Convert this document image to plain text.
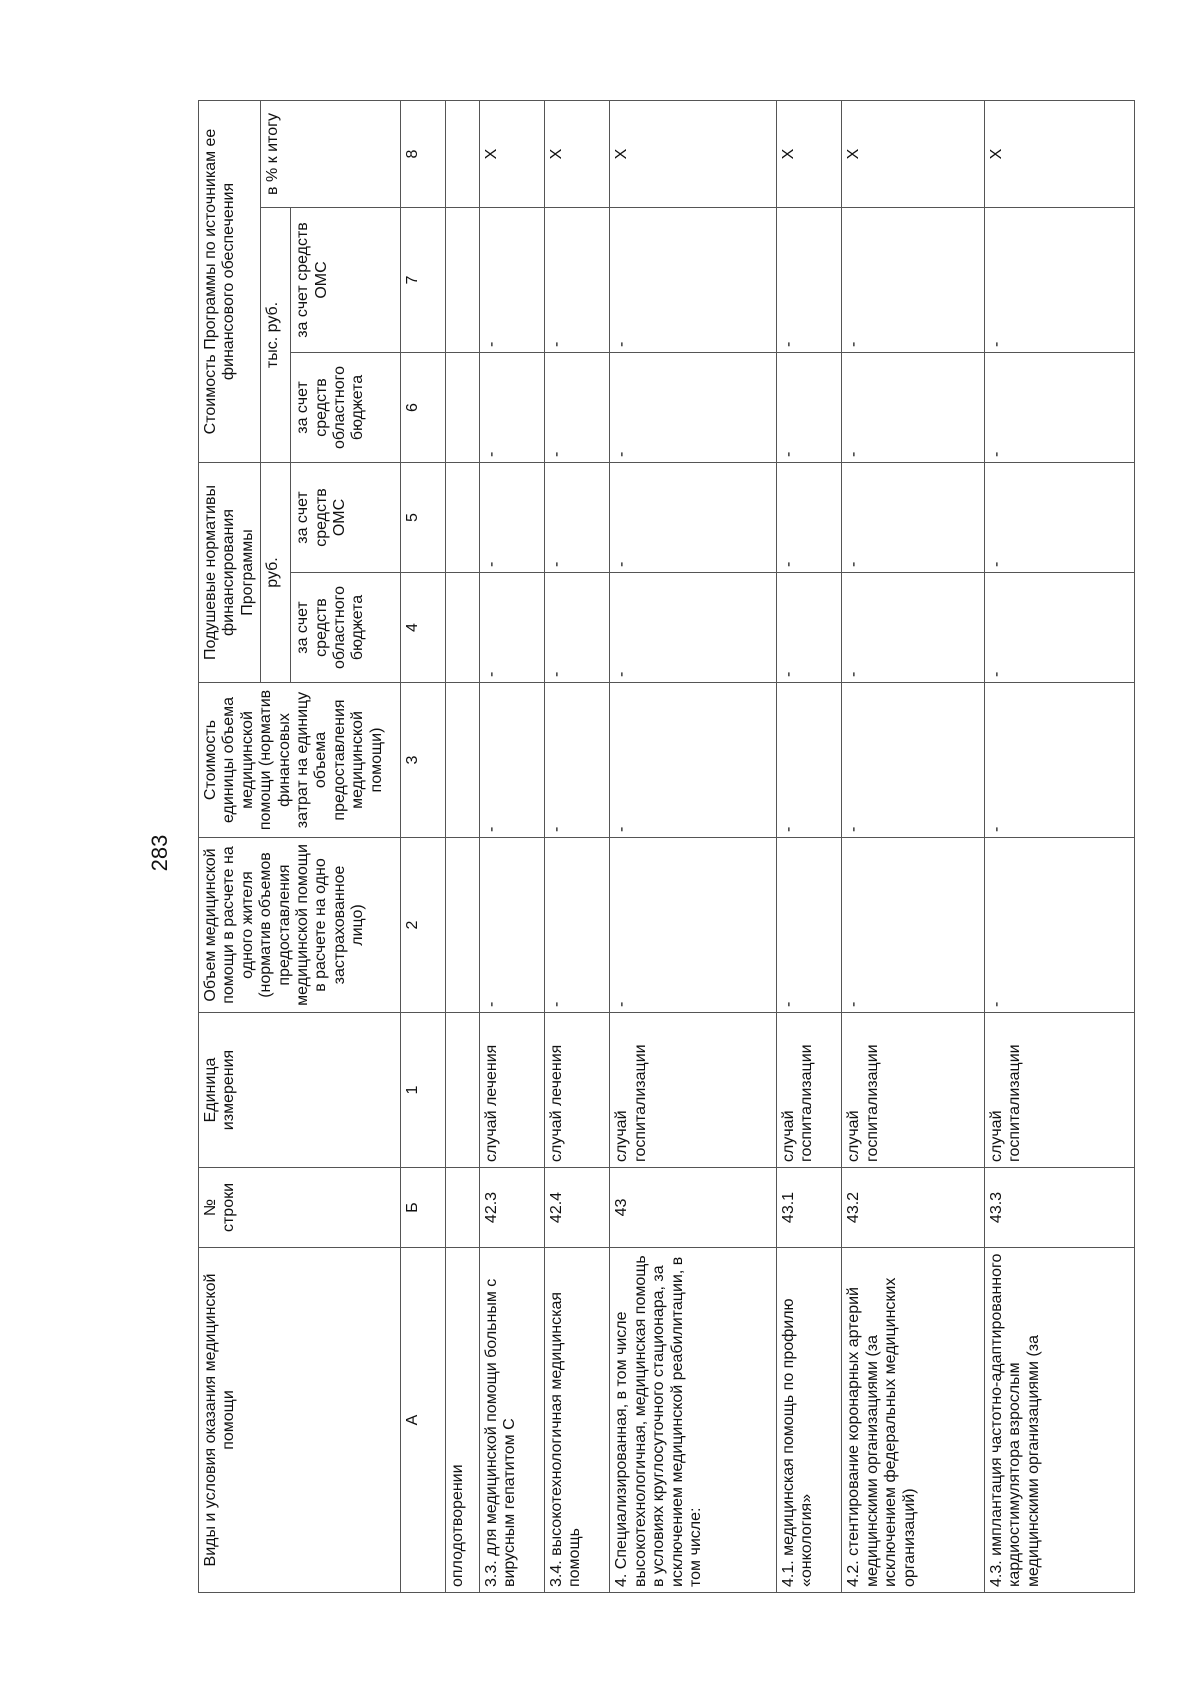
283
Виды и условия оказания медицинской помощи	№ строки	Единица измерения	Объем медицинской помощи в расчете на одного жителя (норматив объемов предоставления медицинской помощи в расчете на одно застрахованное лицо)	Стоимость единицы объема медицинской помощи (норматив финансовых затрат на единицу объема предоставления медицинской помощи)	Подушевые нормативы финансирования Программы		Стоимость Программы по источникам ее финансового обеспечения		
					руб.		тыс. руб.		в % к итогу
					за счет средств областного бюджета	за счет средств ОМС	за счет средств областного бюджета	за счет средств ОМС	
А	Б	1	2	3	4	5	6	7	8
оплодотворении									
3.3. для медицинской помощи больным с вирусным гепатитом С	42.3	случай лечения	-	-	-	-	-	-	X
3.4. высокотехнологичная медицинская помощь	42.4	случай лечения	-	-	-	-	-	-	X
4. Специализированная, в том числе высокотехнологичная, медицинская помощь в условиях круглосуточного стационара, за исключением медицинской реабилитации, в том числе:	43	случай госпитализации	-	-	-	-	-	-	X
4.1. медицинская помощь по профилю «онкология»	43.1	случай госпитализации	-	-	-	-	-	-	X
4.2. стентирование коронарных артерий медицинскими организациями (за исключением федеральных медицинских организаций)	43.2	случай госпитализации	-	-	-	-	-	-	X
4.3. имплантация частотно-адаптированного кардиостимулятора взрослым медицинскими организациями (за	43.3	случай госпитализации	-	-	-	-	-	-	X
